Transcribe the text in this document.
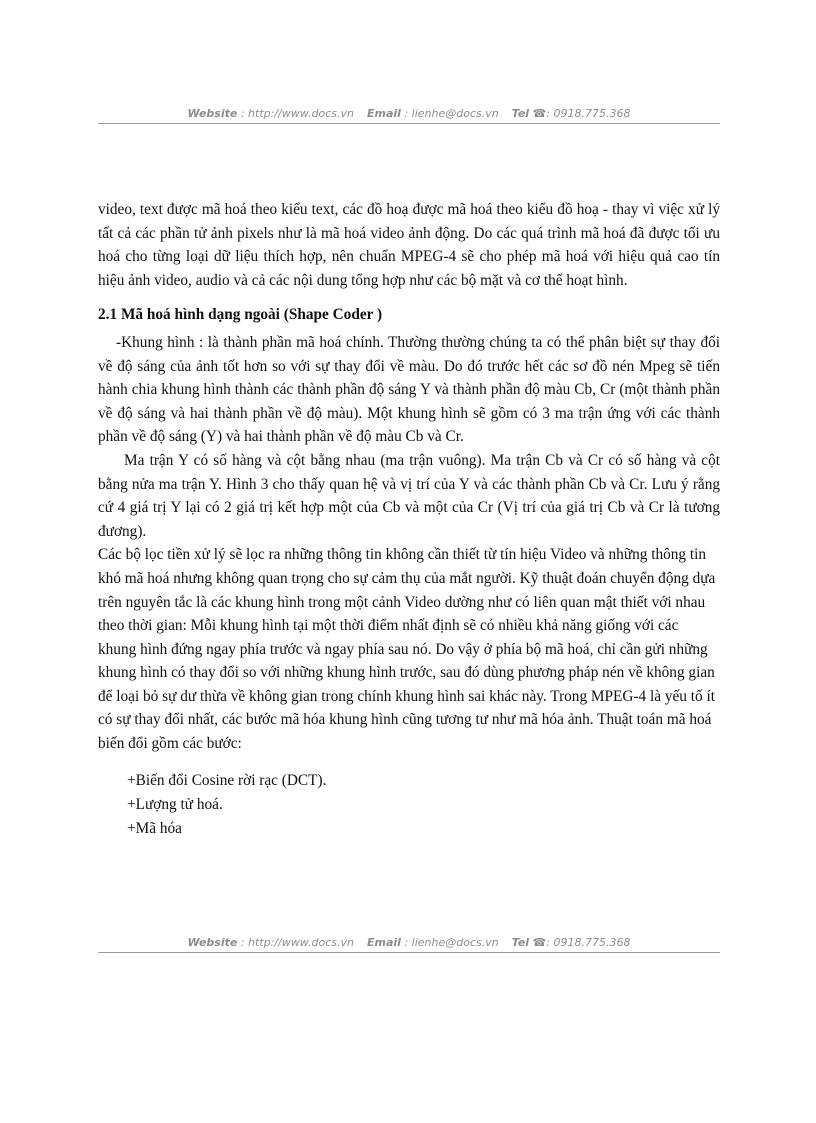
Website : http://www.docs.vn Email : lienhe@docs.vn Tel ☎: 0918.775.368

video, text được mã hoá theo kiểu text, các đồ hoạ được mã hoá theo kiểu đồ hoạ - thay vì việc xử lý tất cả các phần tử ảnh pixels như là mã hoá video ảnh động. Do các quá trình mã hoá đã được tối ưu hoá cho từng loại dữ liệu thích hợp, nên chuẩn MPEG-4 sẽ cho phép mã hoá với hiệu quả cao tín hiệu ảnh video, audio và cả các nội dung tổng hợp như các bộ mặt và cơ thể hoạt hình.

2.1 Mã hoá hình dạng ngoài (Shape Coder )

-Khung hình : là thành phần mã hoá chính. Thường thường chúng ta có thể phân biệt sự thay đổi về độ sáng của ảnh tốt hơn so với sự thay đổi về màu. Do đó trước hết các sơ đồ nén Mpeg sẽ tiến hành chia khung hình thành các thành phần độ sáng Y và thành phần độ màu Cb, Cr (một thành phần về độ sáng và hai thành phần về độ màu). Một khung hình sẽ gồm có 3 ma trận ứng với các thành phần về độ sáng (Y) và hai thành phần về độ màu Cb và Cr.

Ma trận Y có số hàng và cột bằng nhau (ma trận vuông). Ma trận Cb và Cr có số hàng và cột bằng nửa ma trận Y. Hình 3 cho thấy quan hệ và vị trí của Y và các thành phần Cb và Cr. Lưu ý rằng cứ 4 giá trị Y lại có 2 giá trị kết hợp một của Cb và một của Cr (Vị trí của giá trị Cb và Cr là tương đương).

Các bộ lọc tiền xử lý sẽ lọc ra những thông tin không cần thiết từ tín hiệu Video và những thông tin khó mã hoá nhưng không quan trọng cho sự cảm thụ của mắt người. Kỹ thuật đoán chuyển động dựa trên nguyên tắc là các khung hình trong một cảnh Video dường như có liên quan mật thiết với nhau theo thời gian: Mỗi khung hình tại một thời điểm nhất định sẽ có nhiều khả năng giống với các khung hình đứng ngay phía trước và ngay phía sau nó. Do vậy ở phía bộ mã hoá, chỉ cần gửi những khung hình có thay đổi so với những khung hình trước, sau đó dùng phương pháp nén về không gian để loại bỏ sự dư thừa về không gian trong chính khung hình sai khác này. Trong MPEG-4 là yếu tố ít có sự thay đổi nhất, các bước mã hóa khung hình cũng tương tư như mã hóa ảnh. Thuật toán mã hoá biến đổi gồm các bước:

+Biến đổi Cosine rời rạc (DCT).
+Lượng tử hoá.
+Mã hóa
Website : http://www.docs.vn Email : lienhe@docs.vn Tel ☎: 0918.775.368
